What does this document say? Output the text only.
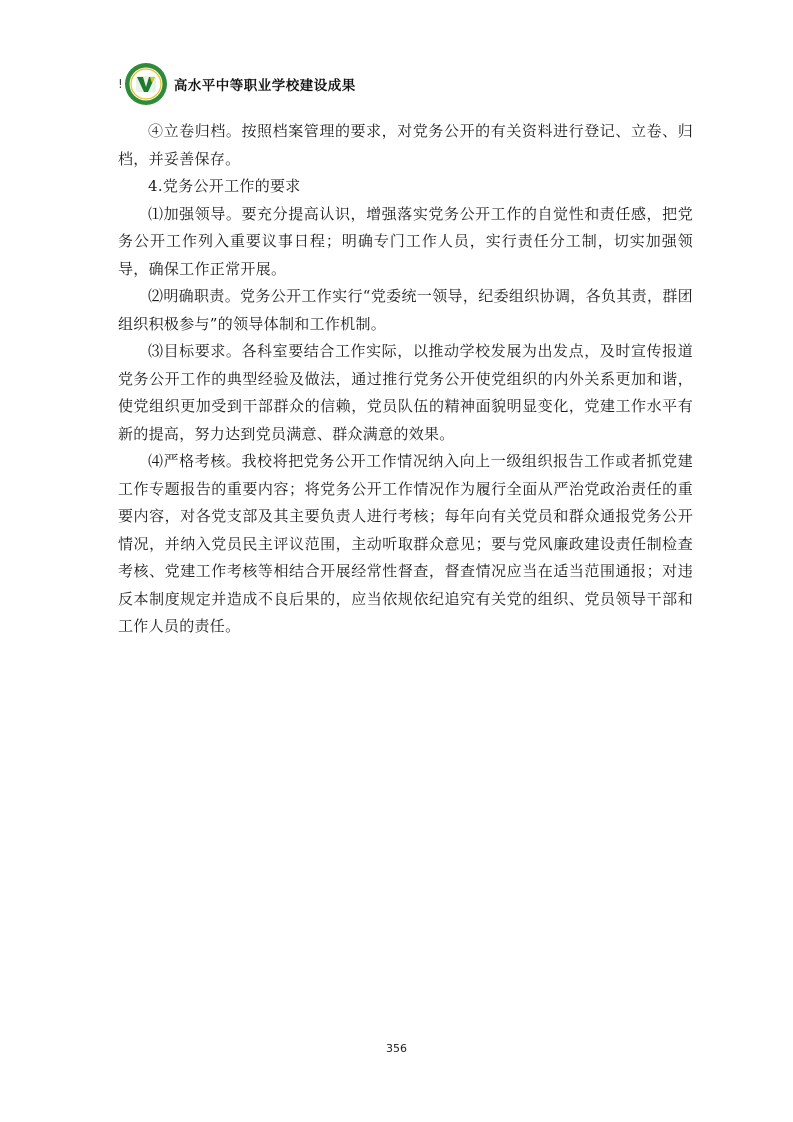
!	高水平中等职业学校建设成果

④立卷归档。按照档案管理的要求，对党务公开的有关资料进行登记、立卷、归档，并妥善保存。

4.党务公开工作的要求

⑴加强领导。要充分提高认识，增强落实党务公开工作的自觉性和责任感，把党务公开工作列入重要议事日程；明确专门工作人员，实行责任分工制，切实加强领导，确保工作正常开展。

⑵明确职责。党务公开工作实行“党委统一领导，纪委组织协调，各负其责，群团组织积极参与”的领导体制和工作机制。

⑶目标要求。各科室要结合工作实际，以推动学校发展为出发点，及时宣传报道党务公开工作的典型经验及做法，通过推行党务公开使党组织的内外关系更加和谐，使党组织更加受到干部群众的信赖，党员队伍的精神面貌明显变化，党建工作水平有新的提高，努力达到党员满意、群众满意的效果。

⑷严格考核。我校将把党务公开工作情况纳入向上一级组织报告工作或者抓党建工作专题报告的重要内容；将党务公开工作情况作为履行全面从严治党政治责任的重要内容，对各党支部及其主要负责人进行考核；每年向有关党员和群众通报党务公开情况，并纳入党员民主评议范围，主动听取群众意见；要与党风廉政建设责任制检查考核、党建工作考核等相结合开展经常性督查，督查情况应当在适当范围通报；对违反本制度规定并造成不良后果的，应当依规依纪追究有关党的组织、党员领导干部和工作人员的责任。

356
